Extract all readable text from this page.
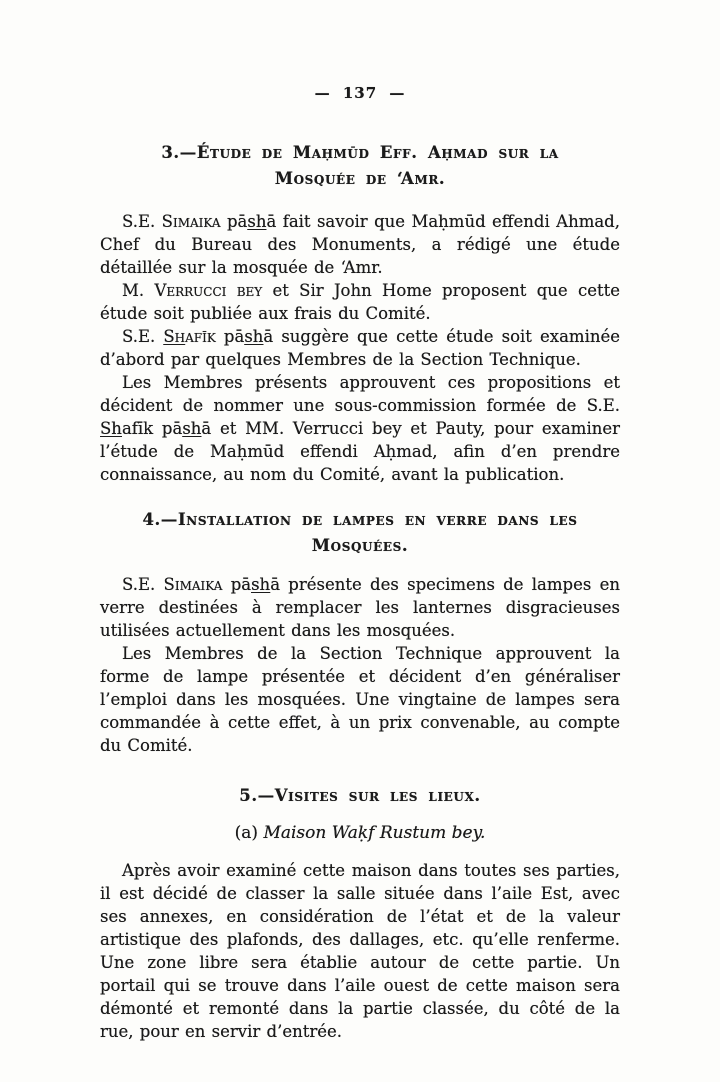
— 137 —
3.—Étude de Maḥmūd Eff. Aḥmad sur la Mosquée de ‘Amr.

S.E. Simaika pāshā fait savoir que Maḥmūd effendi Ahmad, Chef du Bureau des Monuments, a rédigé une étude détaillée sur la mosquée de ‘Amr.

M. Verrucci bey et Sir John Home proposent que cette étude soit publiée aux frais du Comité.

S.E. Shafīk pāshā suggère que cette étude soit examinée d’abord par quelques Membres de la Section Technique.

Les Membres présents approuvent ces propositions et décident de nommer une sous-commission formée de S.E. Shafīk pāshā et MM. Verrucci bey et Pauty, pour examiner l’étude de Maḥmūd effendi Aḥmad, afin d’en prendre connaissance, au nom du Comité, avant la publication.

4.—Installation de lampes en verre dans les Mosquées.

S.E. Simaika pāshā présente des specimens de lampes en verre destinées à remplacer les lanternes disgracieuses utilisées actuellement dans les mosquées.

Les Membres de la Section Technique approuvent la forme de lampe présentée et décident d’en généraliser l’emploi dans les mosquées. Une vingtaine de lampes sera commandée à cette effet, à un prix convenable, au compte du Comité.

5.—Visites sur les lieux.
(a) Maison Waḳf Rustum bey.

Après avoir examiné cette maison dans toutes ses parties, il est décidé de classer la salle située dans l’aile Est, avec ses annexes, en considération de l’état et de la valeur artistique des plafonds, des dallages, etc. qu’elle renferme. Une zone libre sera établie autour de cette partie. Un portail qui se trouve dans l’aile ouest de cette maison sera démonté et remonté dans la partie classée, du côté de la rue, pour en servir d’entrée.
